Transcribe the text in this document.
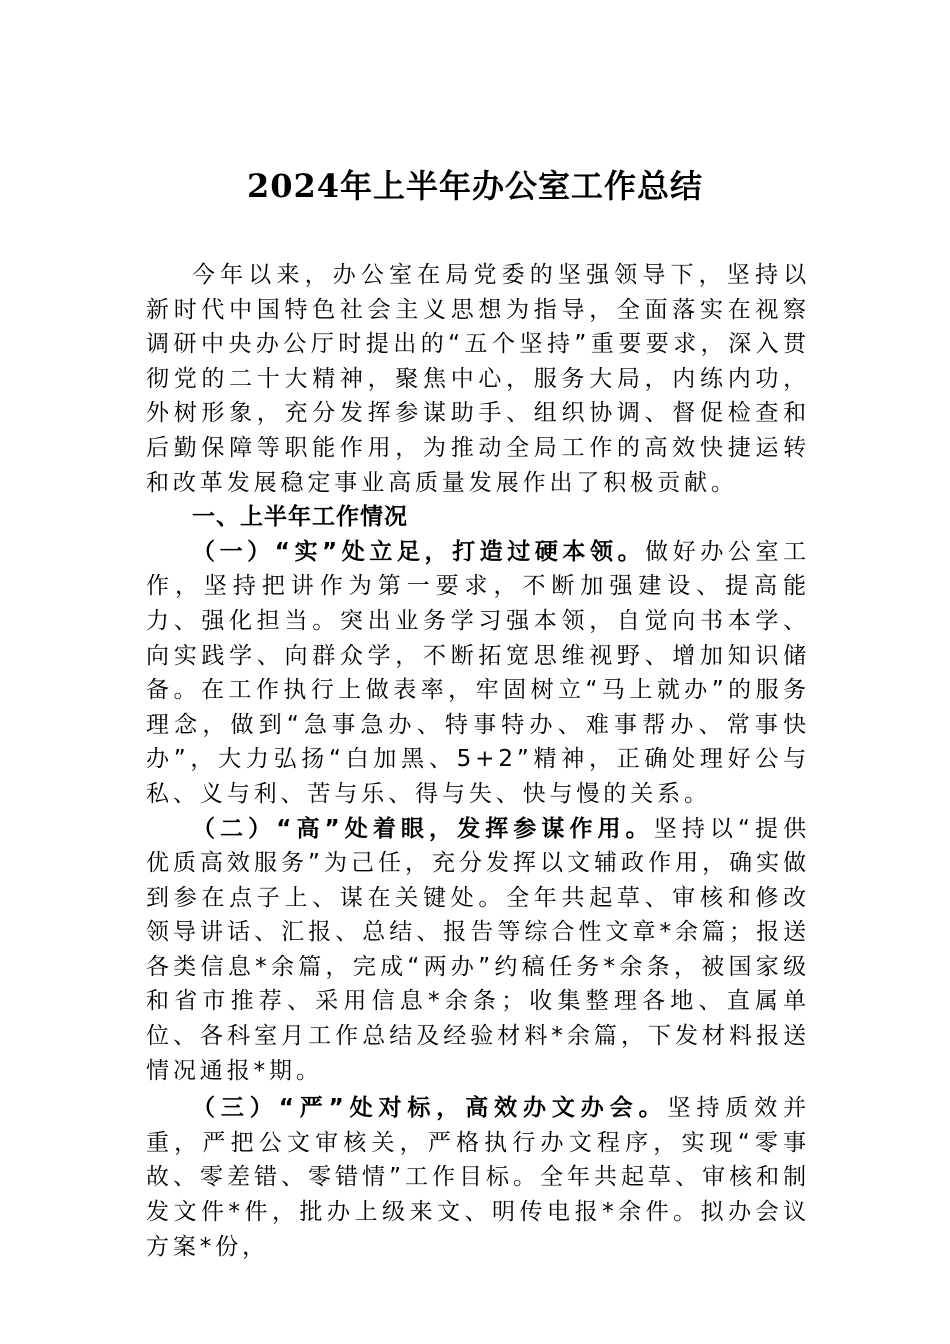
2024年上半年办公室工作总结

今年以来，办公室在局党委的坚强领导下，坚持以新时代中国特色社会主义思想为指导，全面落实在视察调研中央办公厅时提出的“五个坚持”重要要求，深入贯彻党的二十大精神，聚焦中心，服务大局，内练内功，外树形象，充分发挥参谋助手、组织协调、督促检查和后勤保障等职能作用，为推动全局工作的高效快捷运转和改革发展稳定事业高质量发展作出了积极贡献。

一、上半年工作情况

（一）“实”处立足，打造过硬本领。做好办公室工作，坚持把讲作为第一要求，不断加强建设、提高能力、强化担当。突出业务学习强本领，自觉向书本学、向实践学、向群众学，不断拓宽思维视野、增加知识储备。在工作执行上做表率，牢固树立“马上就办”的服务理念，做到“急事急办、特事特办、难事帮办、常事快办”，大力弘扬“白加黑、5+2”精神，正确处理好公与私、义与利、苦与乐、得与失、快与慢的关系。

（二）“高”处着眼，发挥参谋作用。坚持以“提供优质高效服务”为己任，充分发挥以文辅政作用，确实做到参在点子上、谋在关键处。全年共起草、审核和修改领导讲话、汇报、总结、报告等综合性文章*余篇；报送各类信息*余篇，完成“两办”约稿任务*余条，被国家级和省市推荐、采用信息*余条；收集整理各地、直属单位、各科室月工作总结及经验材料*余篇，下发材料报送情况通报*期。

（三）“严”处对标，高效办文办会。坚持质效并重，严把公文审核关，严格执行办文程序，实现“零事故、零差错、零错情”工作目标。全年共起草、审核和制发文件*件，批办上级来文、明传电报*余件。拟办会议方案*份，
